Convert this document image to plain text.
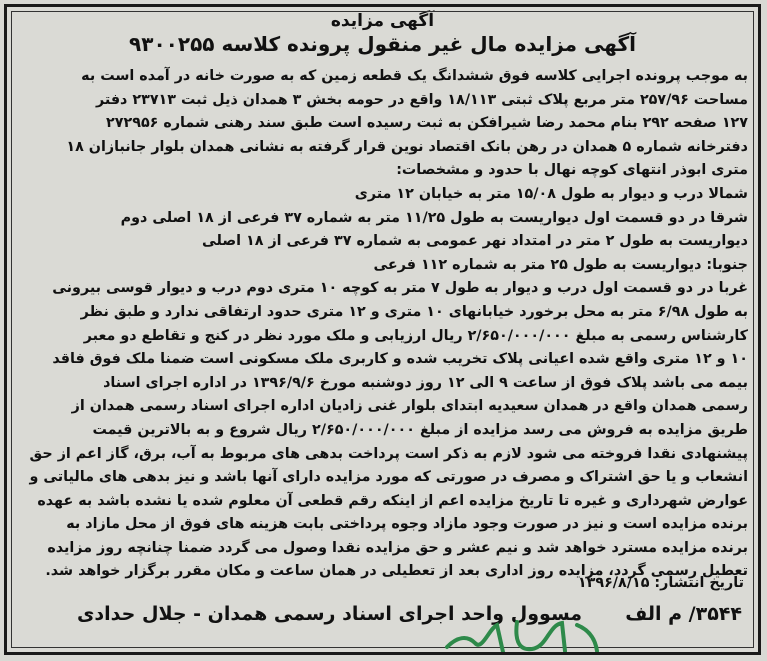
آگهی مزایده
آگهی مزایده مال غیر منقول پرونده کلاسه ۹۳۰۰۲۵۵
به موجب پرونده اجرایی کلاسه فوق ششدانگ یک قطعه زمین که به صورت خانه در آمده است به
مساحت ۲۵۷/۹۶ متر مربع پلاک ثبتی ۱۸/۱۱۳ واقع در حومه بخش ۳ همدان ذیل ثبت ۲۳۷۱۳ دفتر
۱۲۷ صفحه ۲۹۲ بنام محمد رضا شیرافکن به ثبت رسیده است طبق سند رهنی شماره ۲۷۲۹۵۶
دفترخانه شماره ۵ همدان در رهن بانک اقتصاد نوین قرار گرفته به نشانی همدان بلوار جانبازان ۱۸
متری ابوذر انتهای کوچه نهال با حدود و مشخصات:
شمالا درب و دیوار به طول ۱۵/۰۸ متر به خیابان ۱۲ متری
شرقا در دو قسمت اول دیواریست به طول ۱۱/۲۵ متر به شماره ۳۷ فرعی از ۱۸ اصلی دوم
دیواریست به طول ۲ متر در امتداد نهر عمومی به شماره ۳۷ فرعی از ۱۸ اصلی
جنوبا: دیواریست به طول ۲۵ متر به شماره ۱۱۲ فرعی
غربا در دو قسمت اول درب و دیوار به طول ۷ متر به کوچه ۱۰ متری دوم درب و دیوار قوسی بیرونی
به طول ۶/۹۸ متر به محل برخورد خیابانهای ۱۰ متری و ۱۲ متری حدود ارتفاقی ندارد و طبق نظر
کارشناس رسمی به مبلغ ۲/۶۵۰/۰۰۰/۰۰۰ ریال ارزیابی و ملک مورد نظر در کنج و تقاطع دو معبر
۱۰ و ۱۲ متری واقع شده اعیانی پلاک تخریب شده و کاربری ملک مسکونی است ضمنا ملک فوق فاقد
بیمه می باشد پلاک فوق از ساعت ۹ الی ۱۲ روز دوشنبه مورخ ۱۳۹۶/۹/۶ در اداره اجرای اسناد
رسمی همدان واقع در همدان سعیدیه ابتدای بلوار غنی زادیان اداره اجرای اسناد رسمی همدان از
طریق مزایده به فروش می رسد مزایده از مبلغ ۲/۶۵۰/۰۰۰/۰۰۰ ریال شروع و به بالاترین قیمت
پیشنهادی نقدا فروخته می شود لازم به ذکر است پرداخت بدهی های مربوط به آب، برق، گاز اعم از حق
انشعاب و یا حق اشتراک و مصرف در صورتی که مورد مزایده دارای آنها باشد و نیز بدهی های مالیاتی و
عوارض شهرداری و غیره تا تاریخ مزایده اعم از اینکه رقم قطعی آن معلوم شده یا نشده باشد به عهده
برنده مزایده است و نیز در صورت وجود مازاد وجوه پرداختی بابت هزینه های فوق از محل مازاد به
برنده مزایده مسترد خواهد شد و نیم عشر و حق مزایده نقدا وصول می گردد ضمنا چنانچه روز مزایده
تعطیل رسمی گردد، مزایده روز اداری بعد از تعطیلی در همان ساعت و مکان مقرر برگزار خواهد شد.
تاریخ انتشار: ۱۳۹۶/۸/۱۵
۳۵۴۴/ م الف
مسوول واحد اجرای اسناد رسمی همدان - جلال حدادی
